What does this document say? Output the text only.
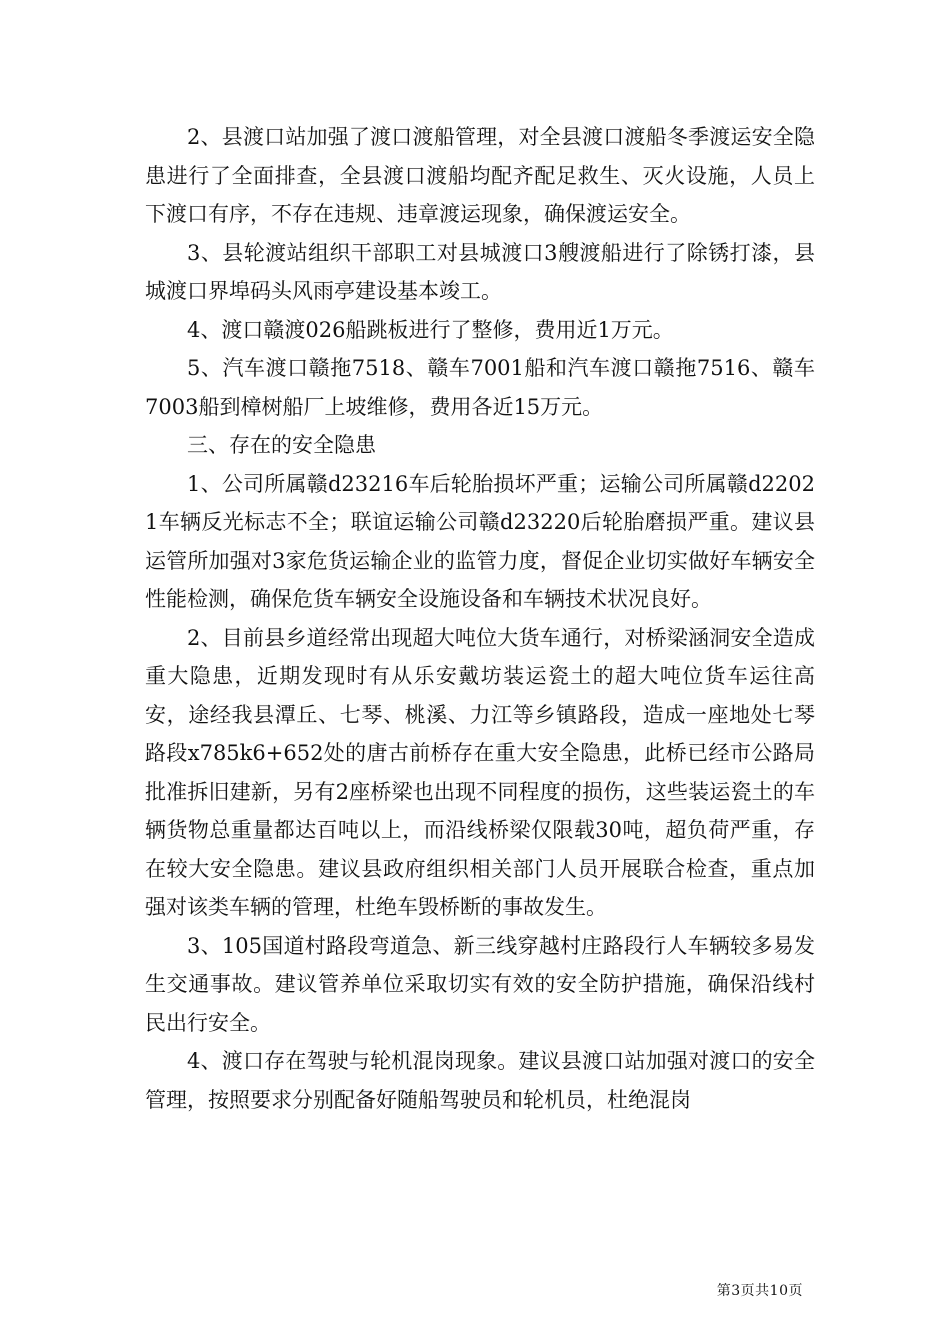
2、县渡口站加强了渡口渡船管理，对全县渡口渡船冬季渡运安全隐患进行了全面排查，全县渡口渡船均配齐配足救生、灭火设施，人员上下渡口有序，不存在违规、违章渡运现象，确保渡运安全。

3、县轮渡站组织干部职工对县城渡口3艘渡船进行了除锈打漆，县城渡口界埠码头风雨亭建设基本竣工。

4、渡口赣渡026船跳板进行了整修，费用近1万元。

5、汽车渡口赣拖7518、赣车7001船和汽车渡口赣拖7516、赣车7003船到樟树船厂上坡维修，费用各近15万元。

三、存在的安全隐患

1、公司所属赣d23216车后轮胎损坏严重；运输公司所属赣d22021车辆反光标志不全；联谊运输公司赣d23220后轮胎磨损严重。建议县运管所加强对3家危货运输企业的监管力度，督促企业切实做好车辆安全性能检测，确保危货车辆安全设施设备和车辆技术状况良好。

2、目前县乡道经常出现超大吨位大货车通行，对桥梁涵洞安全造成重大隐患，近期发现时有从乐安戴坊装运瓷土的超大吨位货车运往高安，途经我县潭丘、七琴、桃溪、力江等乡镇路段，造成一座地处七琴路段x785k6+652处的唐古前桥存在重大安全隐患，此桥已经市公路局批准拆旧建新，另有2座桥梁也出现不同程度的损伤，这些装运瓷土的车辆货物总重量都达百吨以上，而沿线桥梁仅限载30吨，超负荷严重，存在较大安全隐患。建议县政府组织相关部门人员开展联合检查，重点加强对该类车辆的管理，杜绝车毁桥断的事故发生。

3、105国道村路段弯道急、新三线穿越村庄路段行人车辆较多易发生交通事故。建议管养单位采取切实有效的安全防护措施，确保沿线村民出行安全。

4、渡口存在驾驶与轮机混岗现象。建议县渡口站加强对渡口的安全管理，按照要求分别配备好随船驾驶员和轮机员，杜绝混岗

第3页共10页
